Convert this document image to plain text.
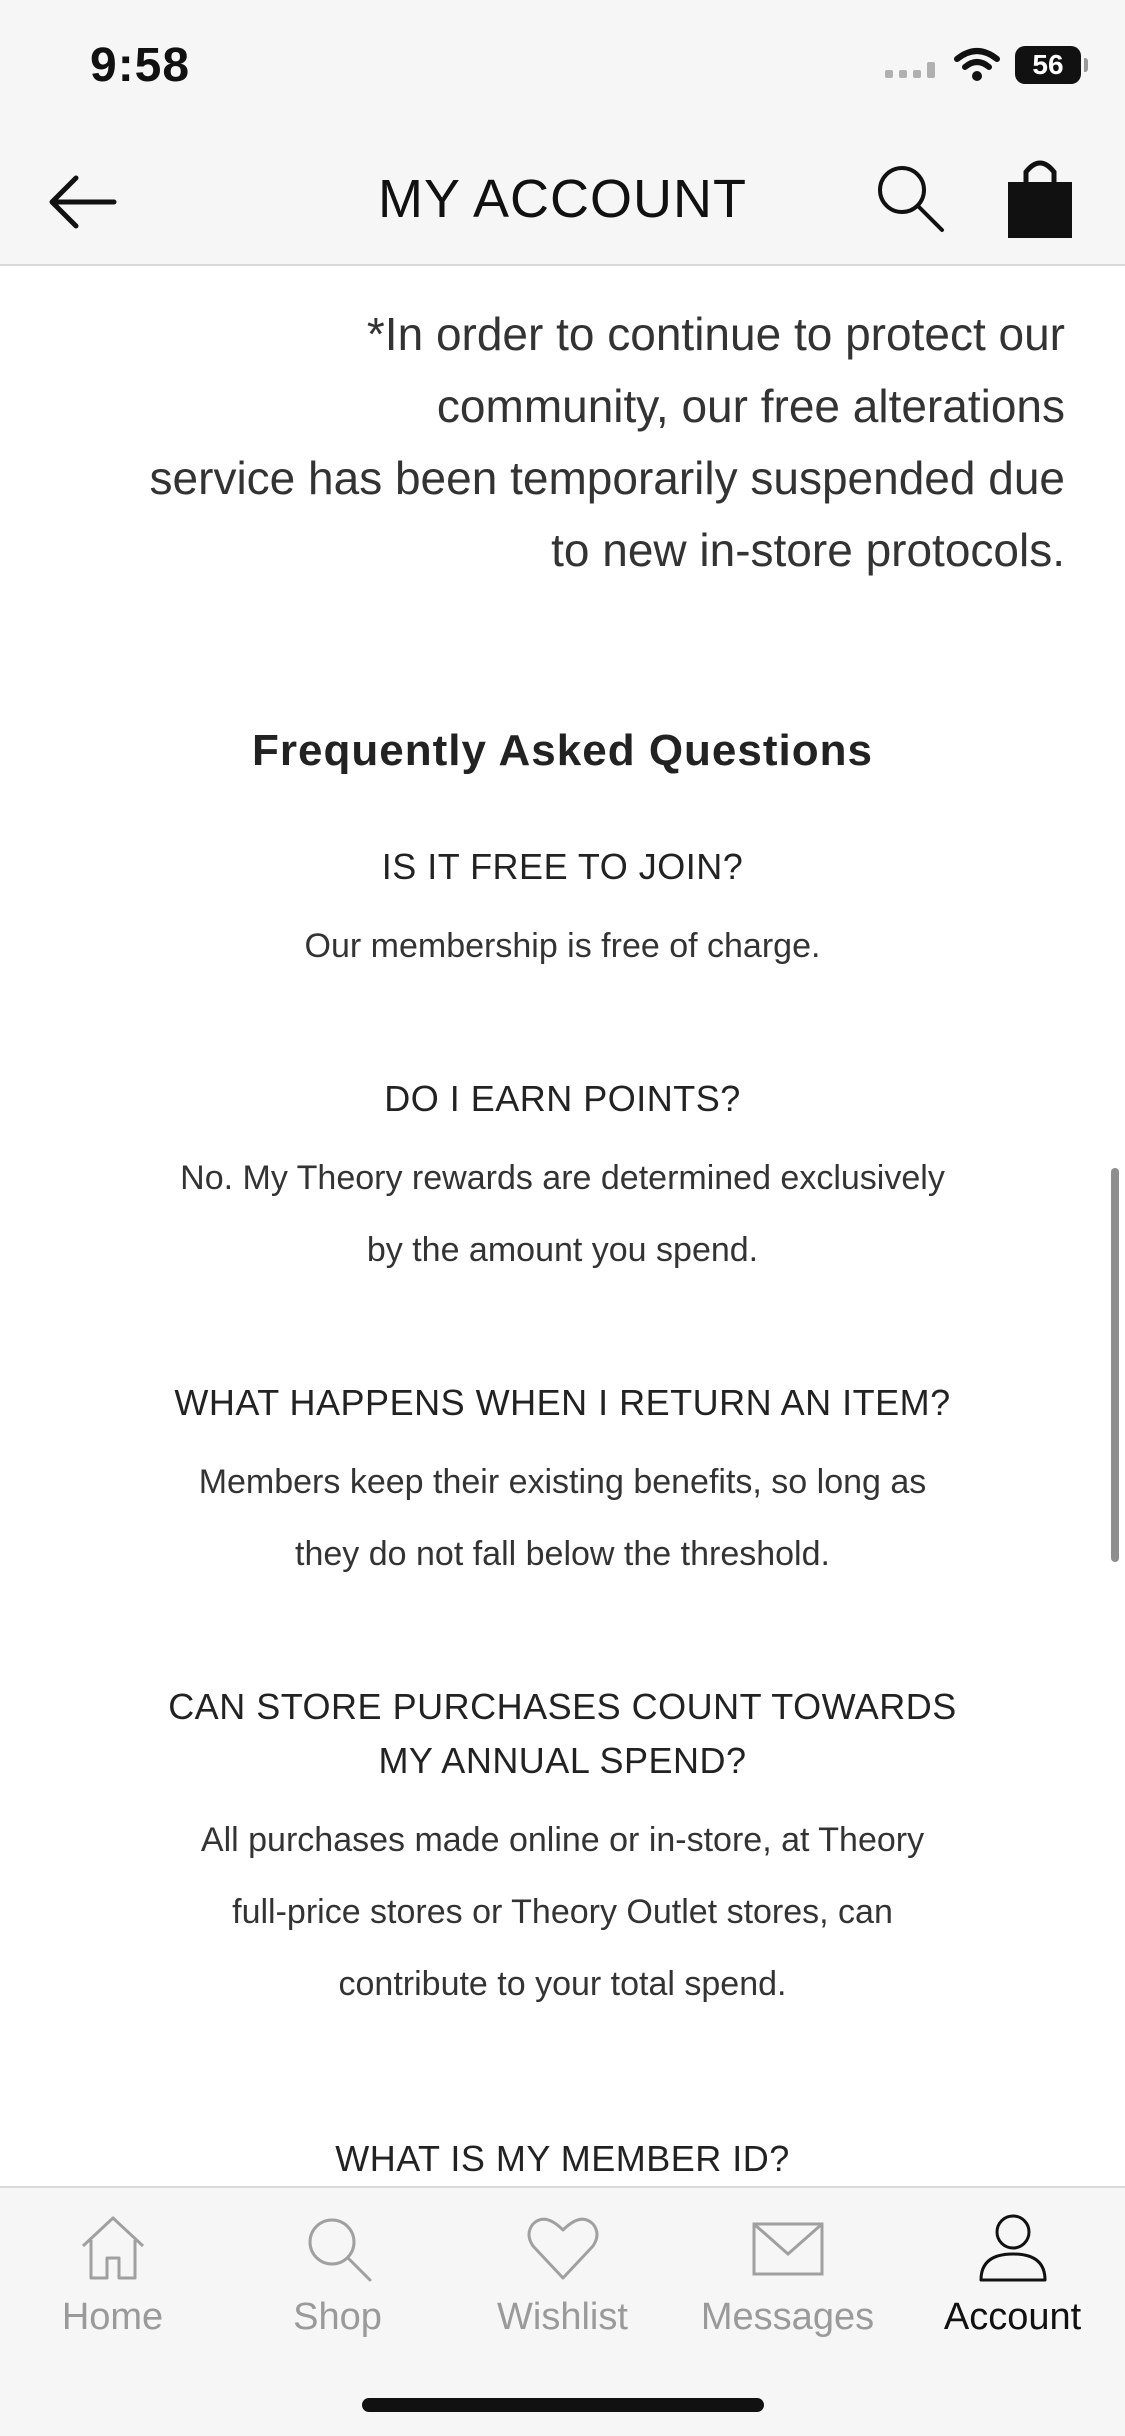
9:58	56
MY ACCOUNT
*In order to continue to protect our
community, our free alterations
service has been temporarily suspended due
to new in-store protocols.
Frequently Asked Questions
IS IT FREE TO JOIN?
Our membership is free of charge.
DO I EARN POINTS?
No. My Theory rewards are determined exclusively
by the amount you spend.
WHAT HAPPENS WHEN I RETURN AN ITEM?
Members keep their existing benefits, so long as
they do not fall below the threshold.
CAN STORE PURCHASES COUNT TOWARDS
MY ANNUAL SPEND?
All purchases made online or in-store, at Theory
full-price stores or Theory Outlet stores, can
contribute to your total spend.
WHAT IS MY MEMBER ID?
Home	Shop	Wishlist	Messages	Account
